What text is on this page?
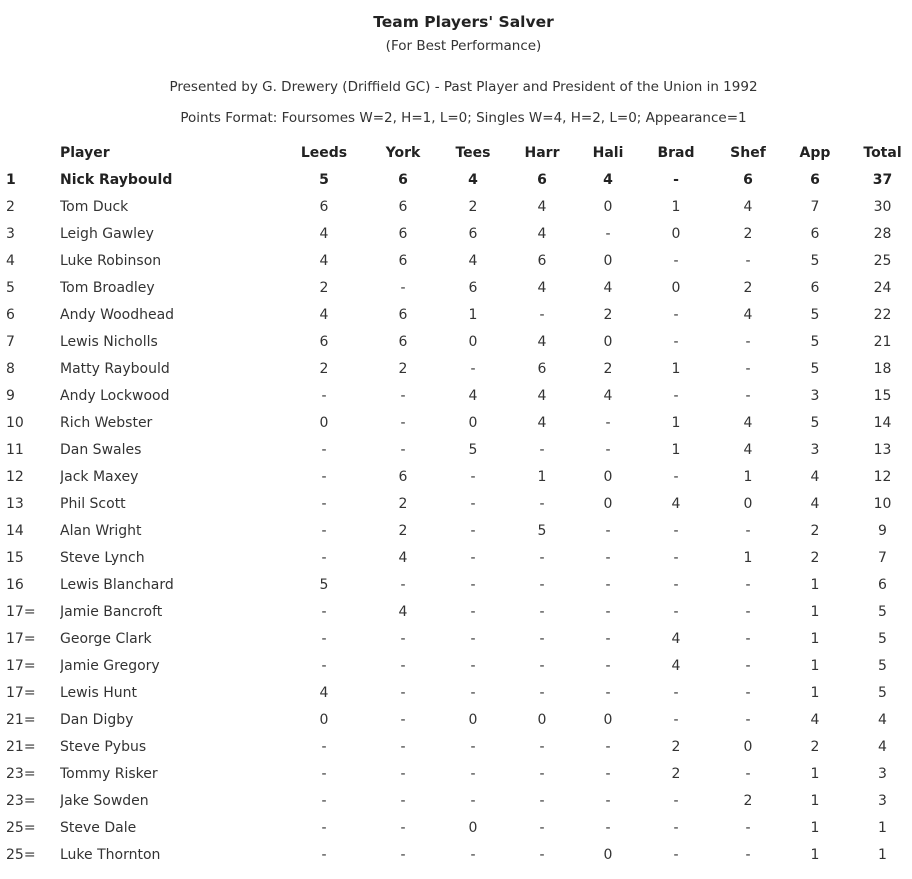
Team Players' Salver
(For Best Performance)
Presented by G. Drewery (Driffield GC) - Past Player and President of the Union in 1992
Points Format: Foursomes W=2, H=1, L=0; Singles W=4, H=2, L=0; Appearance=1
	Player	Leeds	York	Tees	Harr	Hali	Brad	Shef	App	Total
1	Nick Raybould	5	6	4	6	4	-	6	6	37
2	Tom Duck	6	6	2	4	0	1	4	7	30
3	Leigh Gawley	4	6	6	4	-	0	2	6	28
4	Luke Robinson	4	6	4	6	0	-	-	5	25
5	Tom Broadley	2	-	6	4	4	0	2	6	24
6	Andy Woodhead	4	6	1	-	2	-	4	5	22
7	Lewis Nicholls	6	6	0	4	0	-	-	5	21
8	Matty Raybould	2	2	-	6	2	1	-	5	18
9	Andy Lockwood	-	-	4	4	4	-	-	3	15
10	Rich Webster	0	-	0	4	-	1	4	5	14
11	Dan Swales	-	-	5	-	-	1	4	3	13
12	Jack Maxey	-	6	-	1	0	-	1	4	12
13	Phil Scott	-	2	-	-	0	4	0	4	10
14	Alan Wright	-	2	-	5	-	-	-	2	9
15	Steve Lynch	-	4	-	-	-	-	1	2	7
16	Lewis Blanchard	5	-	-	-	-	-	-	1	6
17=	Jamie Bancroft	-	4	-	-	-	-	-	1	5
17=	George Clark	-	-	-	-	-	4	-	1	5
17=	Jamie Gregory	-	-	-	-	-	4	-	1	5
17=	Lewis Hunt	4	-	-	-	-	-	-	1	5
21=	Dan Digby	0	-	0	0	0	-	-	4	4
21=	Steve Pybus	-	-	-	-	-	2	0	2	4
23=	Tommy Risker	-	-	-	-	-	2	-	1	3
23=	Jake Sowden	-	-	-	-	-	-	2	1	3
25=	Steve Dale	-	-	0	-	-	-	-	1	1
25=	Luke Thornton	-	-	-	-	0	-	-	1	1
